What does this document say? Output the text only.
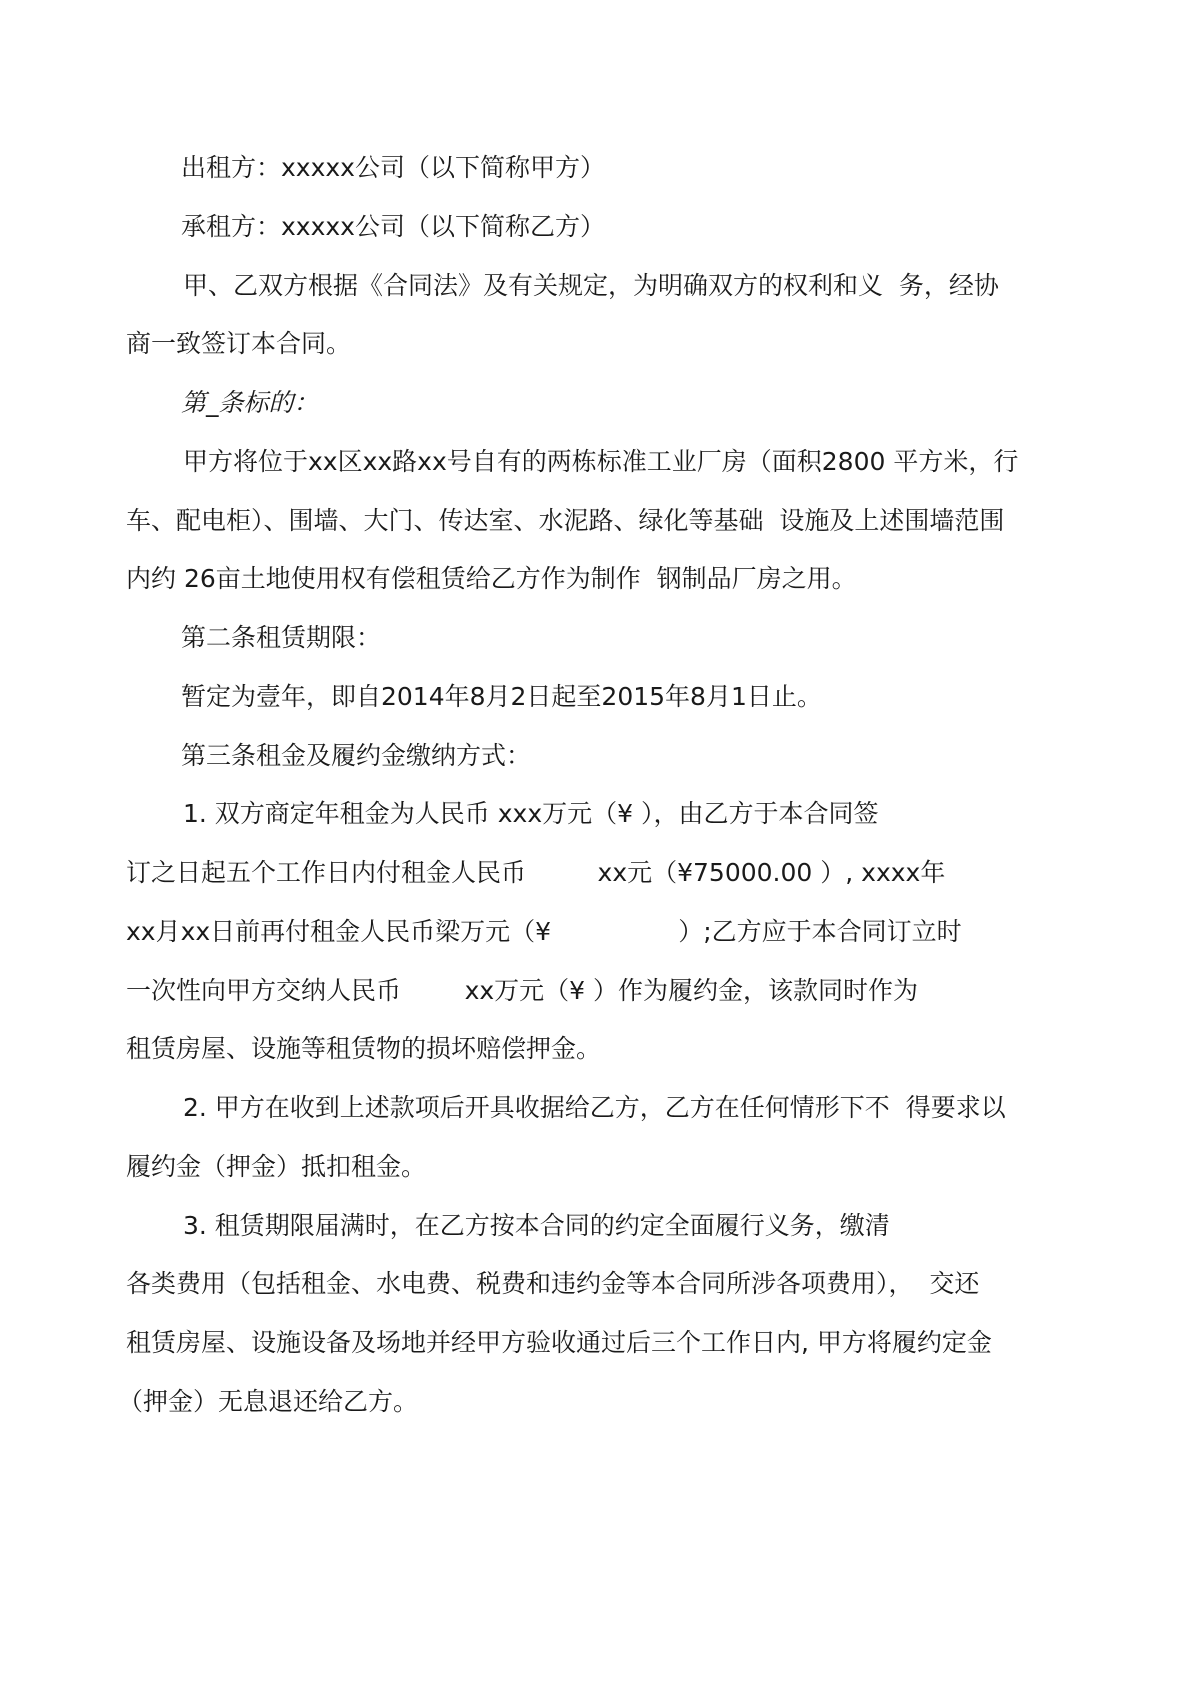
出租方：xxxxx公司（以下简称甲方）
承租方：xxxxx公司（以下简称乙方）
甲、乙双方根据《合同法》及有关规定，为明确双方的权利和义  务，经协
商一致签订本合同。
第_条标的：
甲方将位于xx区xx路xx号自有的两栋标准工业厂房（面积2800 平方米，行
车、配电柜）、围墙、大门、传达室、水泥路、绿化等基础  设施及上述围墙范围
内约 26亩土地使用权有偿租赁给乙方作为制作  钢制品厂房之用。
第二条租赁期限：
暂定为壹年，即自2014年8月2日起至2015年8月1日止。
第三条租金及履约金缴纳方式：
1. 双方商定年租金为人民币 xxx万元（¥ ），由乙方于本合同签
订之日起五个工作日内付租金人民币         xx元（¥75000.00 ）, xxxx年
xx月xx日前再付租金人民币梁万元（¥                ）;乙方应于本合同订立时
一次性向甲方交纳人民币        xx万元（¥ ）作为履约金，该款同时作为
租赁房屋、设施等租赁物的损坏赔偿押金。
2. 甲方在收到上述款项后开具收据给乙方，乙方在任何情形下不  得要求以
履约金（押金）抵扣租金。
3. 租赁期限届满时，在乙方按本合同的约定全面履行义务，缴清
各类费用（包括租金、水电费、税费和违约金等本合同所涉各项费用），  交还
租赁房屋、设施设备及场地并经甲方验收通过后三个工作日内, 甲方将履约定金
（押金）无息退还给乙方。
